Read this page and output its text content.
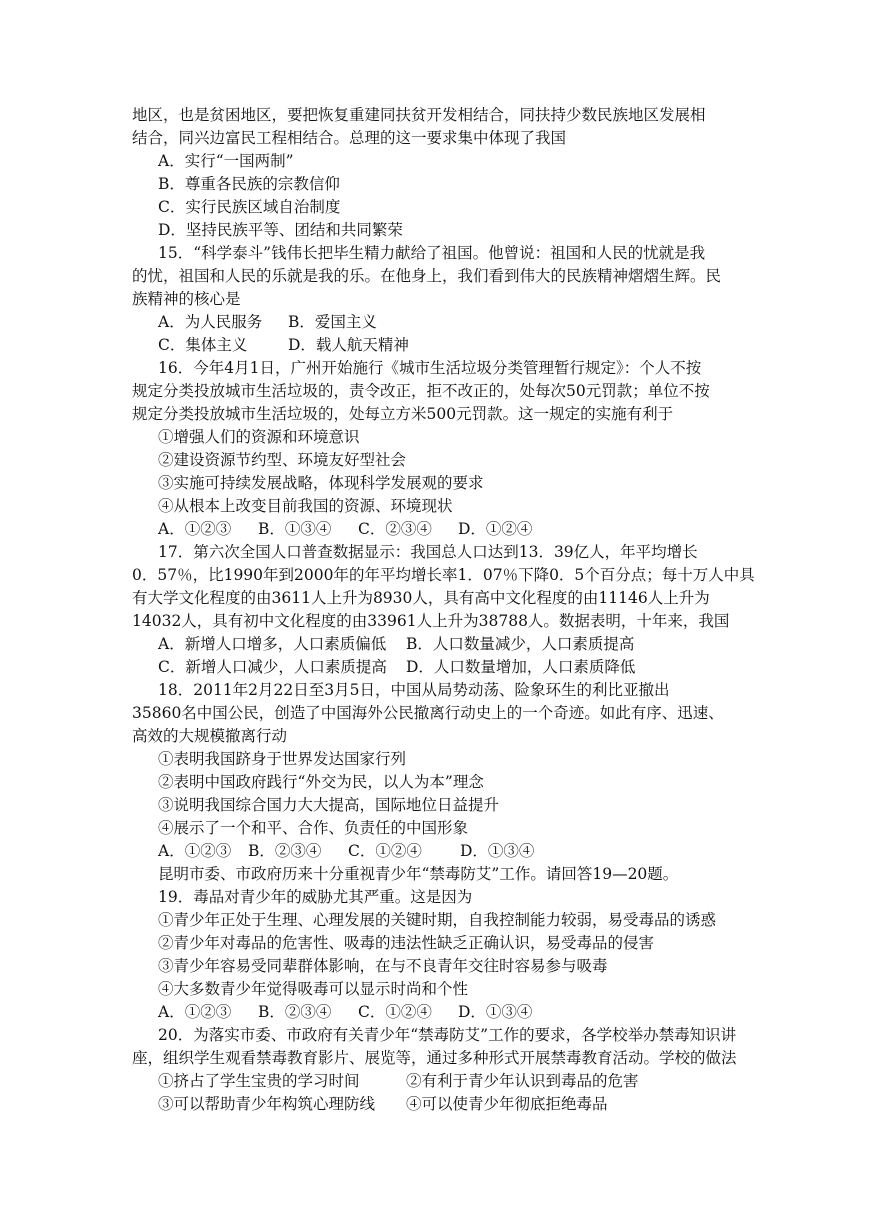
地区，也是贫困地区，要把恢复重建同扶贫开发相结合，同扶持少数民族地区发展相
结合，同兴边富民工程相结合。总理的这一要求集中体现了我国
A．实行“一国两制”
B．尊重各民族的宗教信仰
C．实行民族区域自治制度
D．坚持民族平等、团结和共同繁荣
15．“科学泰斗”钱伟长把毕生精力献给了祖国。他曾说：祖国和人民的忧就是我
的忧，祖国和人民的乐就是我的乐。在他身上，我们看到伟大的民族精神熠熠生辉。民
族精神的核心是
A．为人民服务 B．爱国主义
C．集体主义	D．载人航天精神
16．今年4月1日，广州开始施行《城市生活垃圾分类管理暂行规定》：个人不按
规定分类投放城市生活垃圾的，责令改正，拒不改正的，处每次50元罚款；单位不按
规定分类投放城市生活垃圾的，处每立方米500元罚款。这一规定的实施有利于
①增强人们的资源和环境意识
②建设资源节约型、环境友好型社会
③实施可持续发展战略，体现科学发展观的要求
④从根本上改变目前我国的资源、环境现状
A．①②③ B．①③④ C．②③④ D．①②④
17．第六次全国人口普查数据显示：我国总人口达到13．39亿人，年平均增长
0．57％，比1990年到2000年的年平均增长率1．07％下降0．5个百分点；每十万人中具
有大学文化程度的由3611人上升为8930人，具有高中文化程度的由11146人上升为
14032人，具有初中文化程度的由33961人上升为38788人。数据表明，十年来，我国
A．新增人口增多，人口素质偏低 B．人口数量减少，人口素质提高
C．新增人口减少，人口素质提高 D．人口数量增加，人口素质降低
18．2011年2月22日至3月5日，中国从局势动荡、险象环生的利比亚撤出
35860名中国公民，创造了中国海外公民撤离行动史上的一个奇迹。如此有序、迅速、
高效的大规模撤离行动
①表明我国跻身于世界发达国家行列
②表明中国政府践行“外交为民，以人为本”理念
③说明我国综合国力大大提高，国际地位日益提升
④展示了一个和平、合作、负责任的中国形象
A．①②③ B．②③④ C．①②④ D．①③④
昆明市委、市政府历来十分重视青少年“禁毒防艾”工作。请回答19—20题。
19．毒品对青少年的威胁尤其严重。这是因为
①青少年正处于生理、心理发展的关键时期，自我控制能力较弱，易受毒品的诱惑
②青少年对毒品的危害性、吸毒的违法性缺乏正确认识，易受毒品的侵害
③青少年容易受同辈群体影响，在与不良青年交往时容易参与吸毒
④大多数青少年觉得吸毒可以显示时尚和个性
A．①②③ B．②③④ C．①②④ D．①③④
20．为落实市委、市政府有关青少年“禁毒防艾”工作的要求，各学校举办禁毒知识讲
座，组织学生观看禁毒教育影片、展览等，通过多种形式开展禁毒教育活动。学校的做法
①挤占了学生宝贵的学习时间	②有利于青少年认识到毒品的危害
③可以帮助青少年构筑心理防线 ④可以使青少年彻底拒绝毒品
